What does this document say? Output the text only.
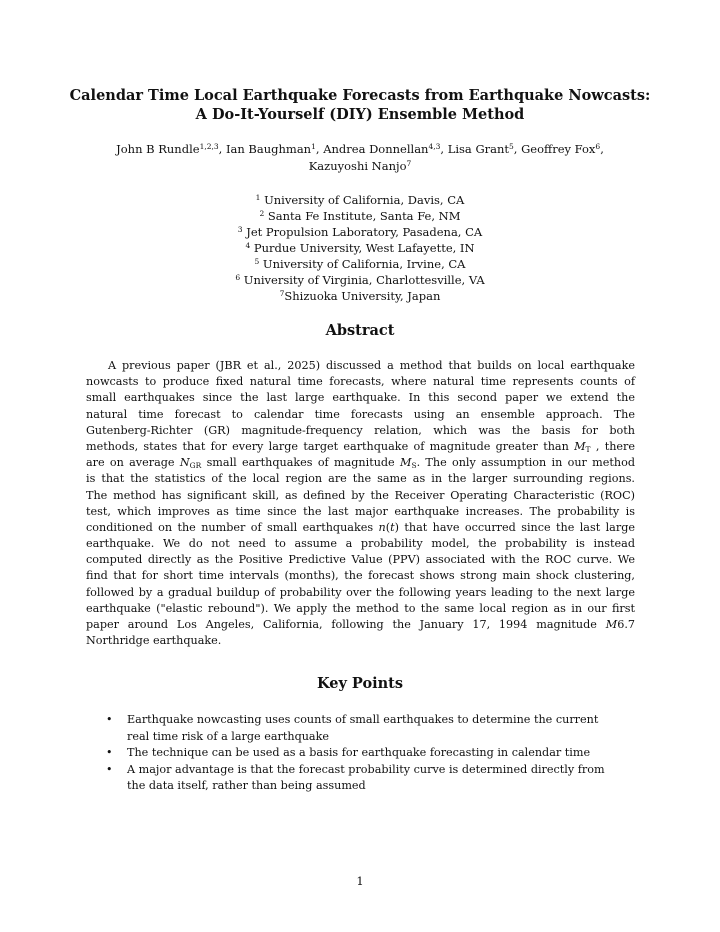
Calendar Time Local Earthquake Forecasts from Earthquake Nowcasts:
A Do-It-Yourself (DIY) Ensemble Method
John B Rundle$^{1,2,3}$, Ian Baughman$^1$, Andrea Donnellan$^{4,3}$, Lisa Grant$^5$, Geoffrey Fox$^6$,
Kazuyoshi Nanjo$^7$
$^1$ University of California, Davis, CA
$^2$ Santa Fe Institute, Santa Fe, NM
$^3$ Jet Propulsion Laboratory, Pasadena, CA
$^4$ Purdue University, West Lafayette, IN
$^5$ University of California, Irvine, CA
$^6$ University of Virginia, Charlottesville, VA
$^7$Shizuoka University, Japan
Abstract
A previous paper (JBR et al., 2025) discussed a method that builds on local earthquake
nowcasts to produce fixed natural time forecasts, where natural time represents counts of
small earthquakes since the last large earthquake. In this second paper we extend the
natural time forecast to calendar time forecasts using an ensemble approach. The
Gutenberg-Richter (GR) magnitude-frequency relation, which was the basis for both
methods, states that for every large target earthquake of magnitude greater than $M_T$ , there
are on average $N_{GR}$ small earthquakes of magnitude $M_S$. The only assumption in our method
is that the statistics of the local region are the same as in the larger surrounding regions.
The method has significant skill, as defined by the Receiver Operating Characteristic (ROC)
test, which improves as time since the last major earthquake increases. The probability is
conditioned on the number of small earthquakes n(t) that have occurred since the last large
earthquake. We do not need to assume a probability model, the probability is instead
computed directly as the Positive Predictive Value (PPV) associated with the ROC curve. We
find that for short time intervals (months), the forecast shows strong main shock clustering,
followed by a gradual buildup of probability over the following years leading to the next large
earthquake ("elastic rebound"). We apply the method to the same local region as in our first
paper around Los Angeles, California, following the January 17, 1994 magnitude M6.7
Northridge earthquake.
Key Points
• Earthquake nowcasting uses counts of small earthquakes to determine the current
real time risk of a large earthquake
• The technique can be used as a basis for earthquake forecasting in calendar time
• A major advantage is that the forecast probability curve is determined directly from
the data itself, rather than being assumed
1
